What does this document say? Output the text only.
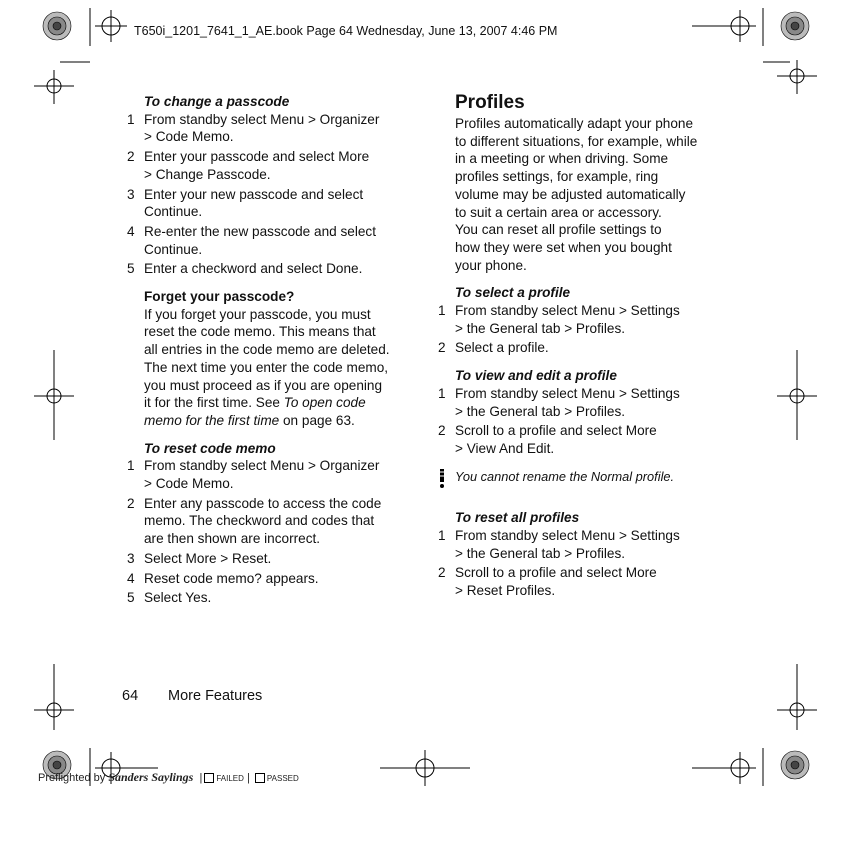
T650i_1201_7641_1_AE.book Page 64 Wednesday, June 13, 2007 4:46 PM

To change a passcode

1 From standby select Menu > Organizer

> Code Memo.

2 Enter your passcode and select More

> Change Passcode.

3 Enter your new passcode and select

Continue.

4 Re-enter the new passcode and select

Continue.

5 Enter a checkword and select Done.

Forget your passcode?

If you forget your passcode, you must

reset the code memo. This means that

all entries in the code memo are deleted.

The next time you enter the code memo,

you must proceed as if you are opening

it for the first time. See To open code

memo for the first time on page 63.

To reset code memo

1 From standby select Menu > Organizer

> Code Memo.

2 Enter any passcode to access the code

memo. The checkword and codes that

are then shown are incorrect.

3 Select More > Reset.

4 Reset code memo? appears.

5 Select Yes.

Profiles

Profiles automatically adapt your phone

to different situations, for example, while

in a meeting or when driving. Some

profiles settings, for example, ring

volume may be adjusted automatically

to suit a certain area or accessory.

You can reset all profile settings to

how they were set when you bought

your phone.

To select a profile

1 From standby select Menu > Settings

> the General tab > Profiles.

2 Select a profile.

To view and edit a profile

1 From standby select Menu > Settings

> the General tab > Profiles.

2 Scroll to a profile and select More

> View And Edit.

You cannot rename the Normal profile.

To reset all profiles

1 From standby select Menu > Settings

> the General tab > Profiles.

2 Scroll to a profile and select More

> Reset Profiles.

64 More Features
Preflighted by Sanders Saylings  | FAILED | PASSED
